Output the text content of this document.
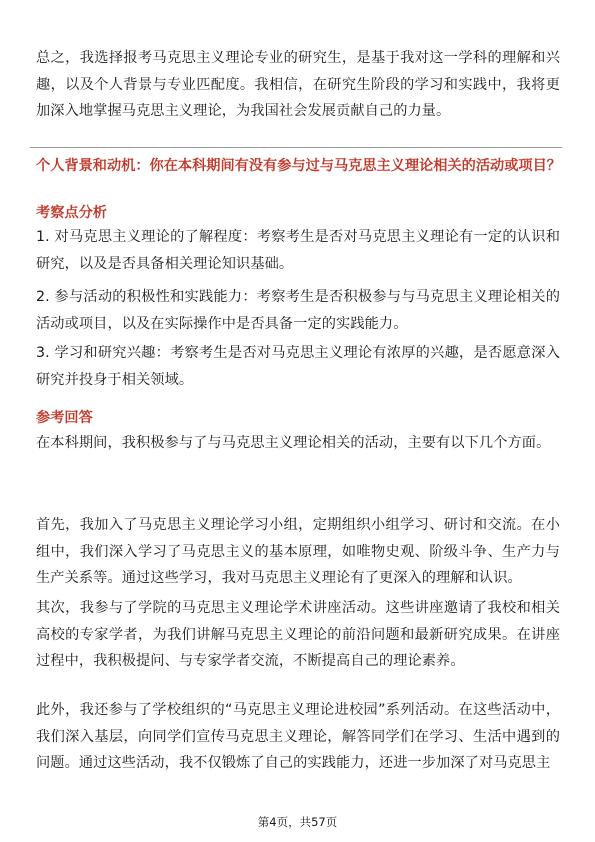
总之，我选择报考马克思主义理论专业的研究生，是基于我对这一学科的理解和兴趣，以及个人背景与专业匹配度。我相信，在研究生阶段的学习和实践中，我将更加深入地掌握马克思主义理论，为我国社会发展贡献自己的力量。

个人背景和动机：你在本科期间有没有参与过与马克思主义理论相关的活动或项目？

考察点分析

1. 对马克思主义理论的了解程度：考察考生是否对马克思主义理论有一定的认识和研究，以及是否具备相关理论知识基础。

2. 参与活动的积极性和实践能力：考察考生是否积极参与与马克思主义理论相关的活动或项目，以及在实际操作中是否具备一定的实践能力。

3. 学习和研究兴趣：考察考生是否对马克思主义理论有浓厚的兴趣，是否愿意深入研究并投身于相关领域。

参考回答

在本科期间，我积极参与了与马克思主义理论相关的活动，主要有以下几个方面。

首先，我加入了马克思主义理论学习小组，定期组织小组学习、研讨和交流。在小组中，我们深入学习了马克思主义的基本原理，如唯物史观、阶级斗争、生产力与生产关系等。通过这些学习，我对马克思主义理论有了更深入的理解和认识。

其次，我参与了学院的马克思主义理论学术讲座活动。这些讲座邀请了我校和相关高校的专家学者，为我们讲解马克思主义理论的前沿问题和最新研究成果。在讲座过程中，我积极提问、与专家学者交流，不断提高自己的理论素养。

此外，我还参与了学校组织的“马克思主义理论进校园”系列活动。在这些活动中，我们深入基层，向同学们宣传马克思主义理论，解答同学们在学习、生活中遇到的问题。通过这些活动，我不仅锻炼了自己的实践能力，还进一步加深了对马克思主

第4页，共57页
